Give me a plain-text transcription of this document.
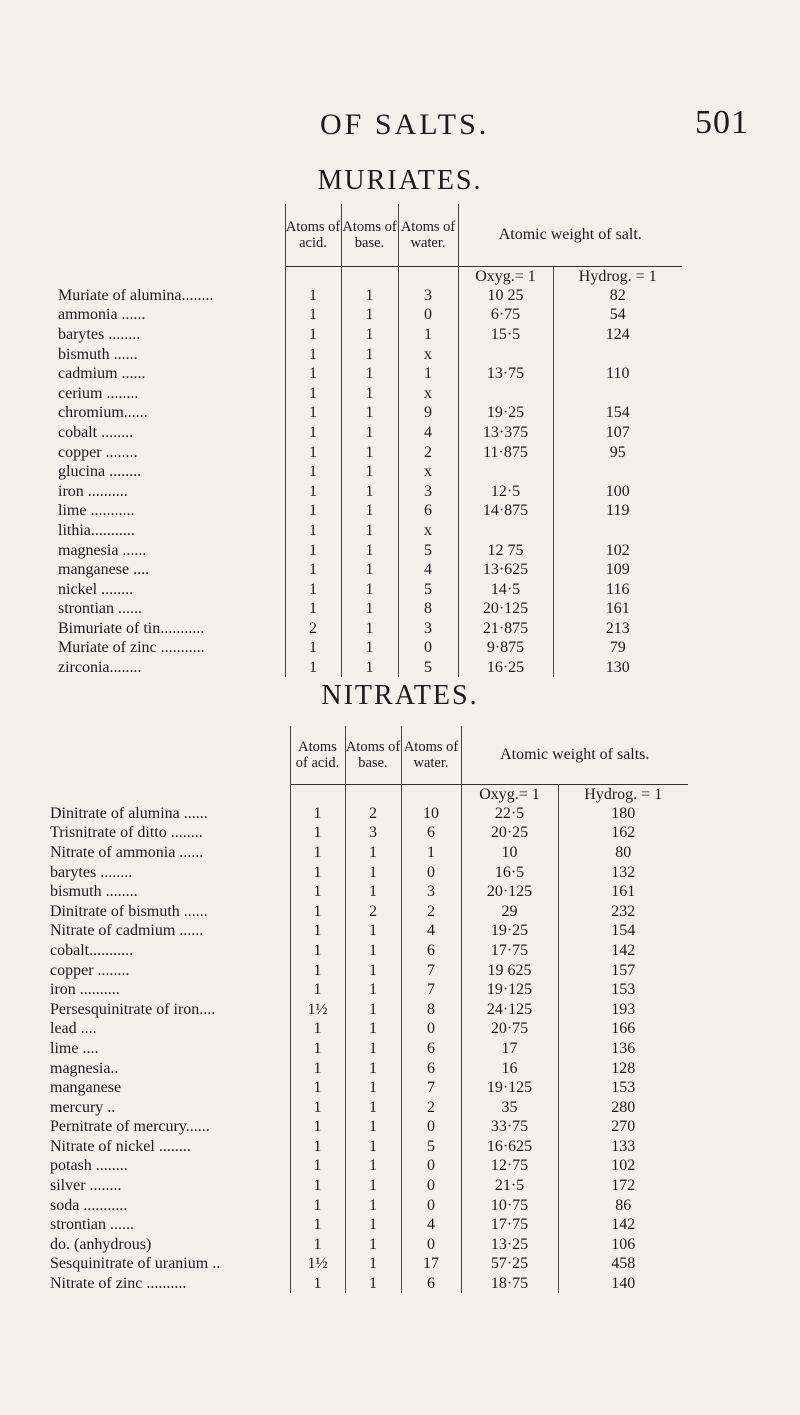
OF SALTS.	501
MURIATES.
	Atoms of acid.	Atoms of base.	Atoms of water.	Atomic weight of salt.	
				Oxyg.= 1	Hydrog. = 1
Muriate of alumina........	1	1	3	10 25	82
ammonia ......	1	1	0	6·75	54
barytes ........	1	1	1	15·5	124
bismuth ......	1	1	x		
cadmium ......	1	1	1	13·75	110
cerium ........	1	1	x		
chromium......	1	1	9	19·25	154
cobalt ........	1	1	4	13·375	107
copper ........	1	1	2	11·875	95
glucina ........	1	1	x		
iron ..........	1	1	3	12·5	100
lime ...........	1	1	6	14·875	119
lithia...........	1	1	x		
magnesia ......	1	1	5	12 75	102
manganese ....	1	1	4	13·625	109
nickel ........	1	1	5	14·5	116
strontian ......	1	1	8	20·125	161
Bimuriate of tin...........	2	1	3	21·875	213
Muriate of zinc ...........	1	1	0	9·875	79
zirconia........	1	1	5	16·25	130
NITRATES.
	Atoms of acid.	Atoms of base.	Atoms of water.	Atomic weight of salts.	
				Oxyg.= 1	Hydrog. = 1
Dinitrate of alumina ......	1	2	10	22·5	180
Trisnitrate of ditto ........	1	3	6	20·25	162
Nitrate of ammonia ......	1	1	1	10	80
barytes ........	1	1	0	16·5	132
bismuth ........	1	1	3	20·125	161
Dinitrate of bismuth ......	1	2	2	29	232
Nitrate of cadmium ......	1	1	4	19·25	154
cobalt...........	1	1	6	17·75	142
copper ........	1	1	7	19 625	157
iron ..........	1	1	7	19·125	153
Persesquinitrate of iron....	1½	1	8	24·125	193
lead ....	1	1	0	20·75	166
lime ....	1	1	6	17	136
magnesia..	1	1	6	16	128
manganese	1	1	7	19·125	153
mercury ..	1	1	2	35	280
Pernitrate of mercury......	1	1	0	33·75	270
Nitrate of nickel ........	1	1	5	16·625	133
potash ........	1	1	0	12·75	102
silver ........	1	1	0	21·5	172
soda ...........	1	1	0	10·75	86
strontian ......	1	1	4	17·75	142
do. (anhydrous)	1	1	0	13·25	106
Sesquinitrate of uranium ..	1½	1	17	57·25	458
Nitrate of zinc ..........	1	1	6	18·75	140
